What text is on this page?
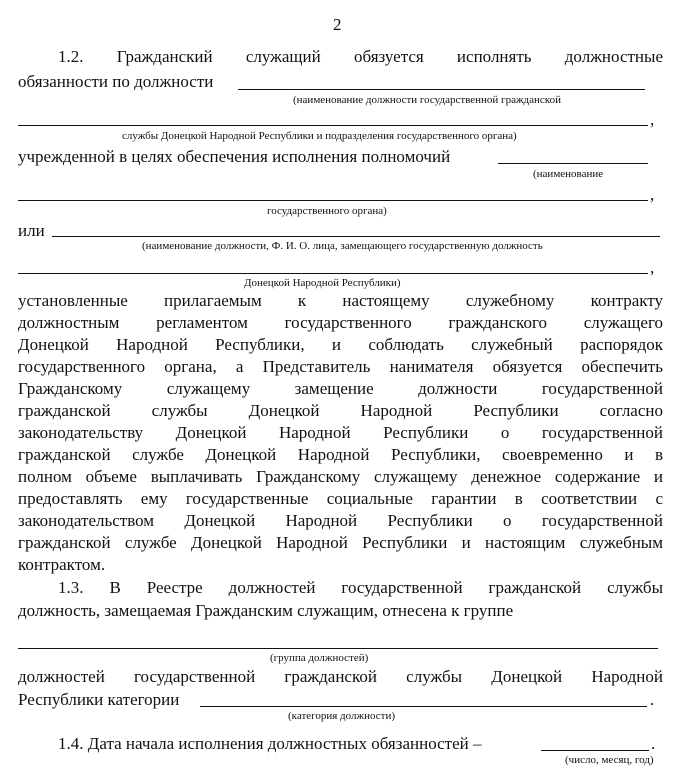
2
1.2. Гражданский служащий обязуется исполнять должностные
обязанности по должности
(наименование должности государственной гражданской
,
службы Донецкой Народной Республики и подразделения государственного органа)
учрежденной в целях обеспечения исполнения полномочий
(наименование
,
государственного органа)
или
(наименование должности, Ф. И. О. лица, замещающего государственную должность
,
Донецкой Народной Республики)
установленные прилагаемым к настоящему служебному контракту
должностным регламентом государственного гражданского служащего
Донецкой Народной Республики, и соблюдать служебный распорядок
государственного органа, а Представитель нанимателя обязуется обеспечить
Гражданскому служащему замещение должности государственной
гражданской службы Донецкой Народной Республики согласно
законодательству Донецкой Народной Республики о государственной
гражданской службе Донецкой Народной Республики, своевременно и в
полном объеме выплачивать Гражданскому служащему денежное содержание и
предоставлять ему государственные социальные гарантии в соответствии с
законодательством Донецкой Народной Республики о государственной
гражданской службе Донецкой Народной Республики и настоящим служебным
контрактом.
1.3. В Реестре должностей государственной гражданской службы
должность, замещаемая Гражданским служащим, отнесена к группе
(группа должностей)
должностей государственной гражданской службы Донецкой Народной
Республики категории	.
(категория должности)
1.4. Дата начала исполнения должностных обязанностей –	.
(число, месяц, год)
